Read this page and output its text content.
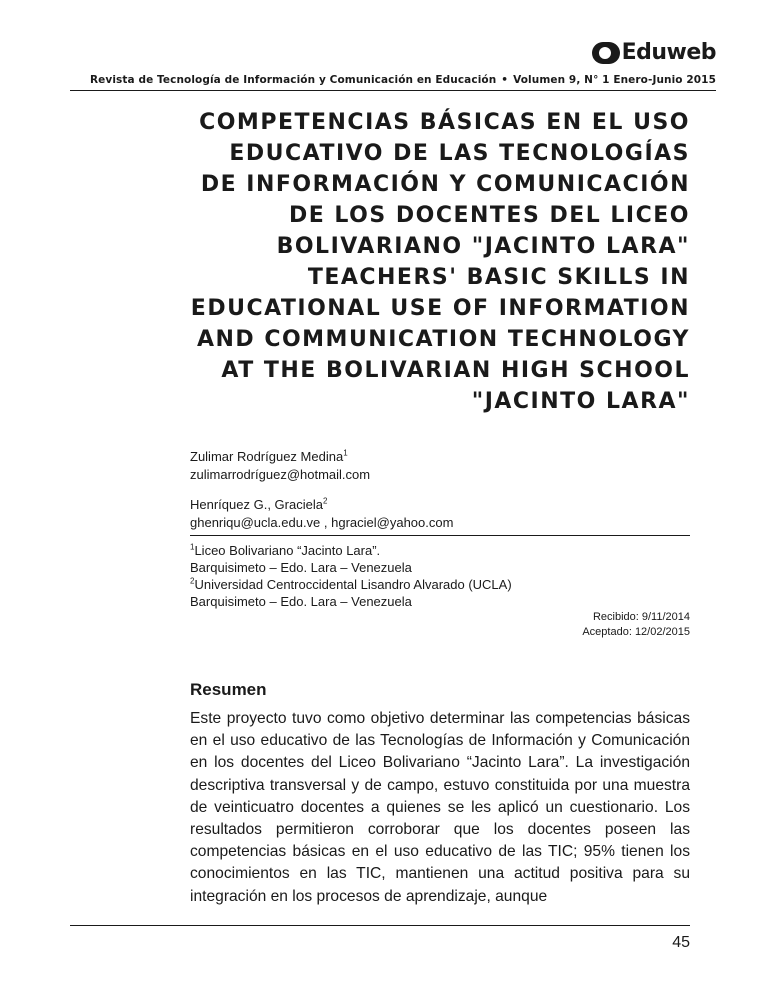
Eduweb
Revista de Tecnología de Información y Comunicación en Educación • Volumen 9, N° 1 Enero-Junio 2015
COMPETENCIAS BÁSICAS EN EL USO
EDUCATIVO DE LAS TECNOLOGÍAS
DE INFORMACIÓN Y COMUNICACIÓN
DE LOS DOCENTES DEL LICEO
BOLIVARIANO "JACINTO LARA"
TEACHERS' BASIC SKILLS IN
EDUCATIONAL USE OF INFORMATION
AND COMMUNICATION TECHNOLOGY
AT THE BOLIVARIAN HIGH SCHOOL
"JACINTO LARA"
Zulimar Rodríguez Medina$^1$
zulimarrodríguez@hotmail.com
Henríquez G., Graciela$^2$
ghenriqu@ucla.edu.ve , hgraciel@yahoo.com
$^1$Liceo Bolivariano “Jacinto Lara”.
Barquisimeto – Edo. Lara – Venezuela
$^2$Universidad Centroccidental Lisandro Alvarado (UCLA)
Barquisimeto – Edo. Lara – Venezuela
Recibido: 9/11/2014
Aceptado: 12/02/2015
Resumen
Este proyecto tuvo como objetivo determinar las competencias básicas en el uso educativo de las Tecnologías de Información y Comunicación en los docentes del Liceo Bolivariano “Jacinto Lara”. La investigación descriptiva transversal y de campo, estuvo constituida por una muestra de veinticuatro docentes a quienes se les aplicó un cuestionario. Los resultados permitieron corroborar que los docentes poseen las competencias básicas en el uso educativo de las TIC; 95% tienen los conocimientos en las TIC, mantienen una actitud positiva para su integración en los procesos de aprendizaje, aunque
45
